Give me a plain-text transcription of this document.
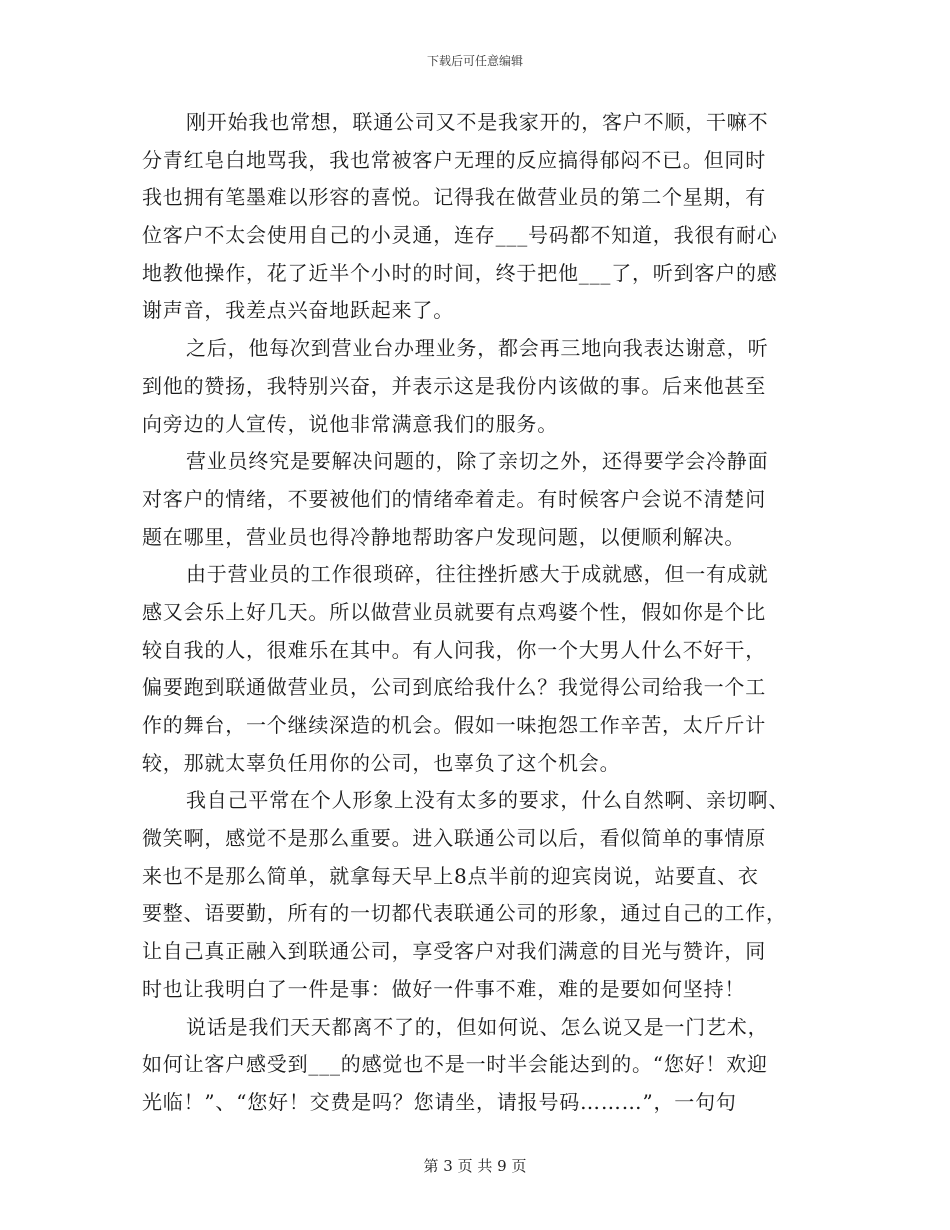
下载后可任意编辑
刚开始我也常想，联通公司又不是我家开的，客户不顺，干嘛不
分青红皂白地骂我，我也常被客户无理的反应搞得郁闷不已。但同时
我也拥有笔墨难以形容的喜悦。记得我在做营业员的第二个星期，有
位客户不太会使用自己的小灵通，连存___号码都不知道，我很有耐心
地教他操作，花了近半个小时的时间，终于把他___了，听到客户的感
谢声音，我差点兴奋地跃起来了。
之后，他每次到营业台办理业务，都会再三地向我表达谢意，听
到他的赞扬，我特别兴奋，并表示这是我份内该做的事。后来他甚至
向旁边的人宣传，说他非常满意我们的服务。
营业员终究是要解决问题的，除了亲切之外，还得要学会冷静面
对客户的情绪，不要被他们的情绪牵着走。有时候客户会说不清楚问
题在哪里，营业员也得冷静地帮助客户发现问题，以便顺利解决。
由于营业员的工作很琐碎，往往挫折感大于成就感，但一有成就
感又会乐上好几天。所以做营业员就要有点鸡婆个性，假如你是个比
较自我的人，很难乐在其中。有人问我，你一个大男人什么不好干，
偏要跑到联通做营业员，公司到底给我什么？我觉得公司给我一个工
作的舞台，一个继续深造的机会。假如一味抱怨工作辛苦，太斤斤计
较，那就太辜负任用你的公司，也辜负了这个机会。
我自己平常在个人形象上没有太多的要求，什么自然啊、亲切啊、
微笑啊，感觉不是那么重要。进入联通公司以后，看似简单的事情原
来也不是那么简单，就拿每天早上8点半前的迎宾岗说，站要直、衣
要整、语要勤，所有的一切都代表联通公司的形象，通过自己的工作，
让自己真正融入到联通公司，享受客户对我们满意的目光与赞许，同
时也让我明白了一件是事：做好一件事不难，难的是要如何坚持！
说话是我们天天都离不了的，但如何说、怎么说又是一门艺术，
如何让客户感受到___的感觉也不是一时半会能达到的。“您好！欢迎
光临！”、“您好！交费是吗？您请坐，请报号码………”，一句句
第 3 页 共 9 页
